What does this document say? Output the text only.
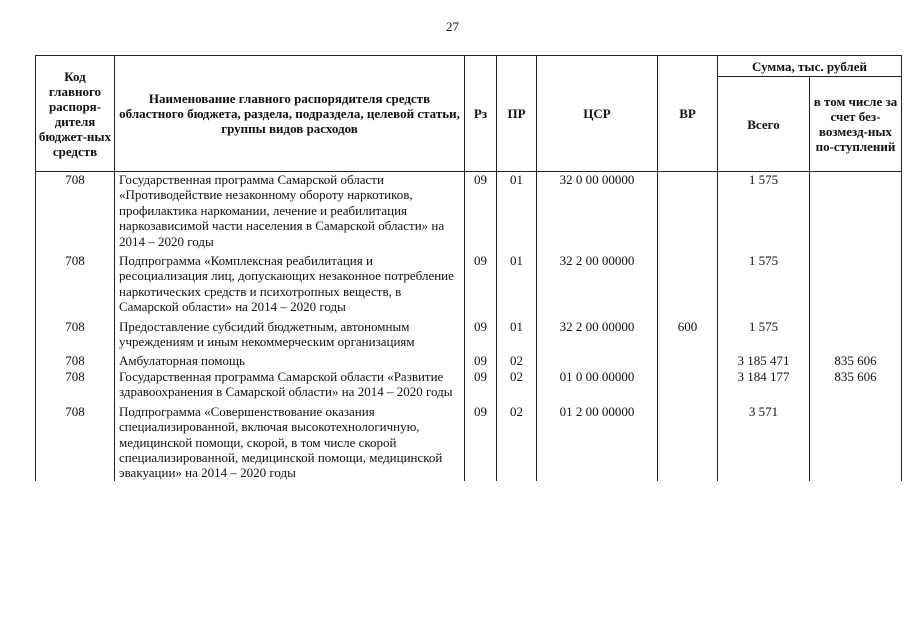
27
Код главного распоря-дителя бюджет-ных средств	Наименование главного распорядителя средств областного бюджета, раздела, подраздела, целевой статьи, группы видов расходов	Рз	ПР	ЦСР	ВР	Сумма, тыс. рублей	
						Всего	в том числе за счет без-возмезд-ных по-ступлений
708	Государственная программа Самарской области «Противодействие незаконному обороту наркотиков, профилактика наркомании, лечение и реабилитация наркозависимой части населения в Самарской области» на 2014 – 2020 годы	09	01	32 0 00 00000		1 575	
708	Подпрограмма «Комплексная реабилитация и ресоциализация лиц, допускающих незаконное потребление наркотических средств и психотропных веществ, в Самарской области» на 2014 – 2020 годы	09	01	32 2 00 00000		1 575	
708	Предоставление субсидий бюджетным, автономным учреждениям и иным некоммерческим организациям	09	01	32 2 00 00000	600	1 575	
708	Амбулаторная помощь	09	02			3 185 471	835 606
708	Государственная программа Самарской области «Развитие здравоохранения в Самарской области» на 2014 – 2020 годы	09	02	01 0 00 00000		3 184 177	835 606
708	Подпрограмма «Совершенствование оказания специализированной, включая высокотехнологичную, медицинской помощи, скорой, в том числе скорой специализированной, медицинской помощи, медицинской эвакуации» на 2014 – 2020 годы	09	02	01 2 00 00000		3 571	
